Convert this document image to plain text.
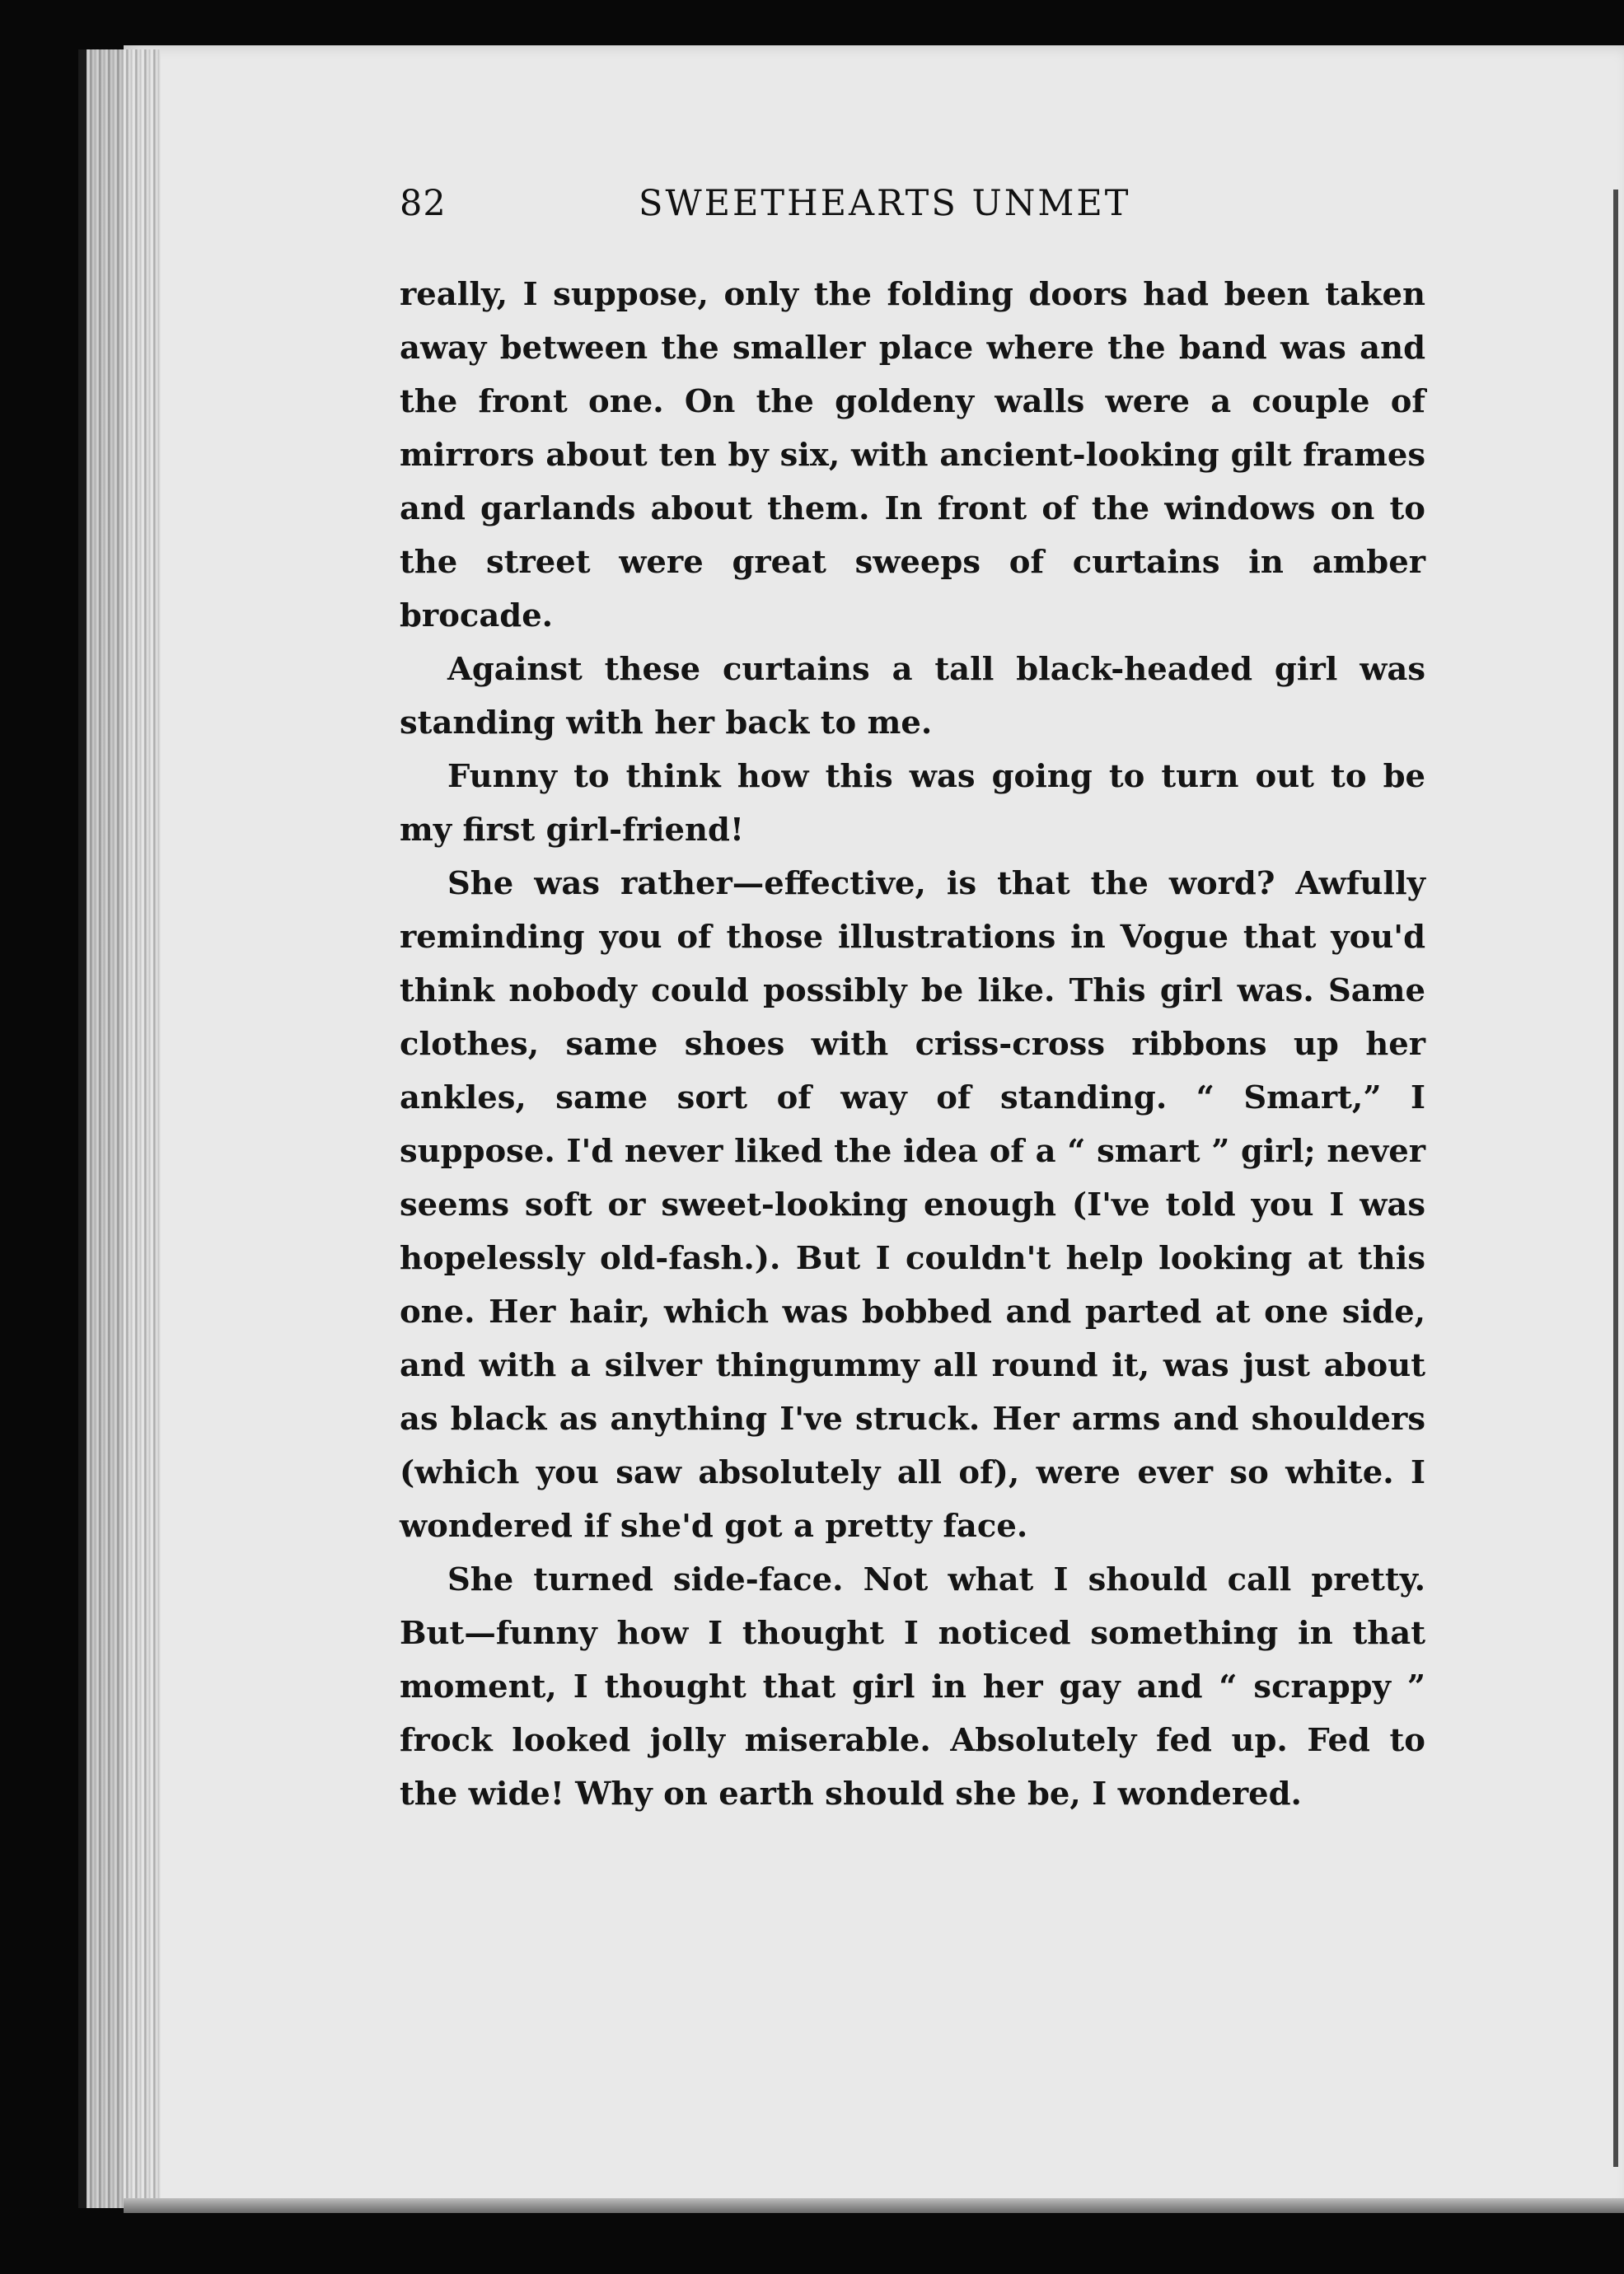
82	SWEETHEARTS UNMET

really, I suppose, only the folding doors had been taken away between the smaller place where the band was and the front one. On the goldeny walls were a couple of mirrors about ten by six, with ancient-looking gilt frames and garlands about them. In front of the windows on to the street were great sweeps of curtains in amber brocade.

Against these curtains a tall black-headed girl was standing with her back to me.

Funny to think how this was going to turn out to be my first girl-friend!

She was rather—effective, is that the word? Awfully reminding you of those illustrations in Vogue that you'd think nobody could possibly be like. This girl was. Same clothes, same shoes with criss-cross ribbons up her ankles, same sort of way of standing. “ Smart,” I suppose. I'd never liked the idea of a “ smart ” girl; never seems soft or sweet-looking enough (I've told you I was hopelessly old-fash.). But I couldn't help looking at this one. Her hair, which was bobbed and parted at one side, and with a silver thingummy all round it, was just about as black as anything I've struck. Her arms and shoulders (which you saw absolutely all of), were ever so white. I wondered if she'd got a pretty face.

She turned side-face. Not what I should call pretty. But—funny how I thought I noticed something in that moment, I thought that girl in her gay and “ scrappy ” frock looked jolly miserable. Absolutely fed up. Fed to the wide! Why on earth should she be, I wondered.
